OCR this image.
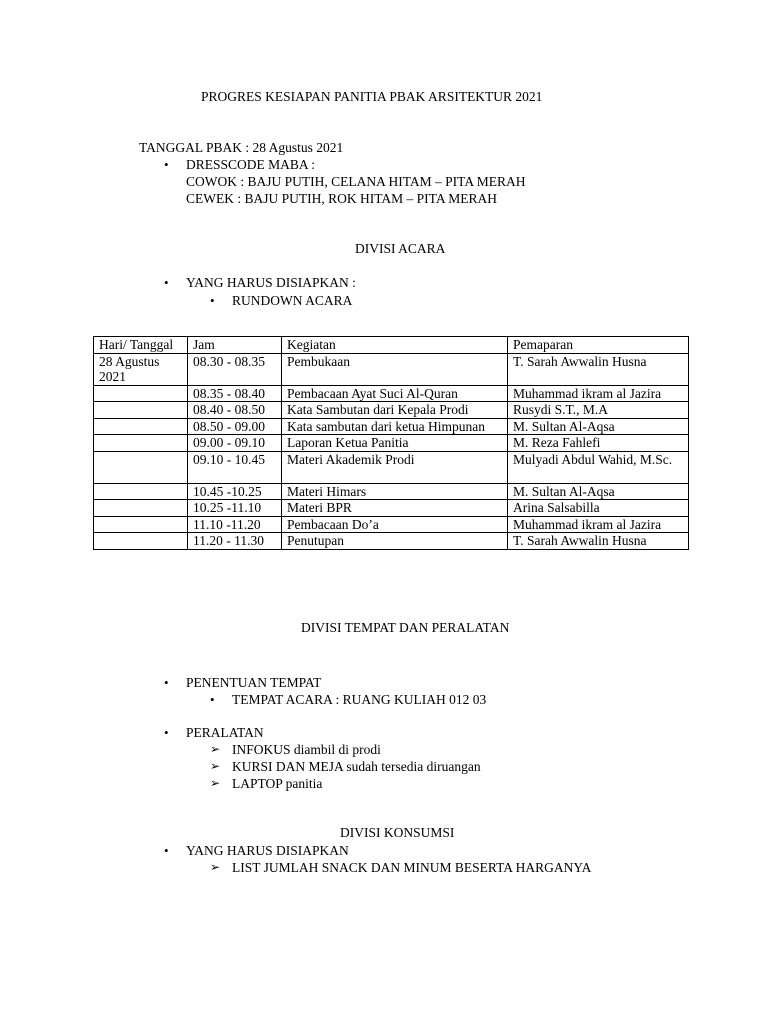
PROGRES KESIAPAN PANITIA PBAK ARSITEKTUR 2021
TANGGAL PBAK : 28 Agustus 2021
• DRESSCODE MABA :
COWOK : BAJU PUTIH, CELANA HITAM – PITA MERAH
CEWEK : BAJU PUTIH, ROK HITAM – PITA MERAH
DIVISI ACARA
• YANG HARUS DISIAPKAN :
• RUNDOWN ACARA
Hari/ Tanggal	Jam	Kegiatan	Pemaparan
28 Agustus 2021	08.30 - 08.35	Pembukaan	T. Sarah Awwalin Husna
	08.35 - 08.40	Pembacaan Ayat Suci Al-Quran	Muhammad ikram al Jazira
	08.40 - 08.50	Kata Sambutan dari Kepala Prodi	Rusydi S.T., M.A
	08.50 - 09.00	Kata sambutan dari ketua Himpunan	M. Sultan Al-Aqsa
	09.00 - 09.10	Laporan Ketua Panitia	M. Reza Fahlefi
	09.10 - 10.45	Materi Akademik Prodi	Mulyadi Abdul Wahid, M.Sc.
	10.45 -10.25	Materi Himars	M. Sultan Al-Aqsa
	10.25 -11.10	Materi BPR	Arina Salsabilla
	11.10 -11.20	Pembacaan Do’a	Muhammad ikram al Jazira
	11.20 - 11.30	Penutupan	T. Sarah Awwalin Husna
DIVISI TEMPAT DAN PERALATAN
• PENENTUAN TEMPAT
• TEMPAT ACARA : RUANG KULIAH 012 03
• PERALATAN
➢ INFOKUS diambil di prodi
➢ KURSI DAN MEJA sudah tersedia diruangan
➢ LAPTOP panitia
DIVISI KONSUMSI
• YANG HARUS DISIAPKAN
➢ LIST JUMLAH SNACK DAN MINUM BESERTA HARGANYA
